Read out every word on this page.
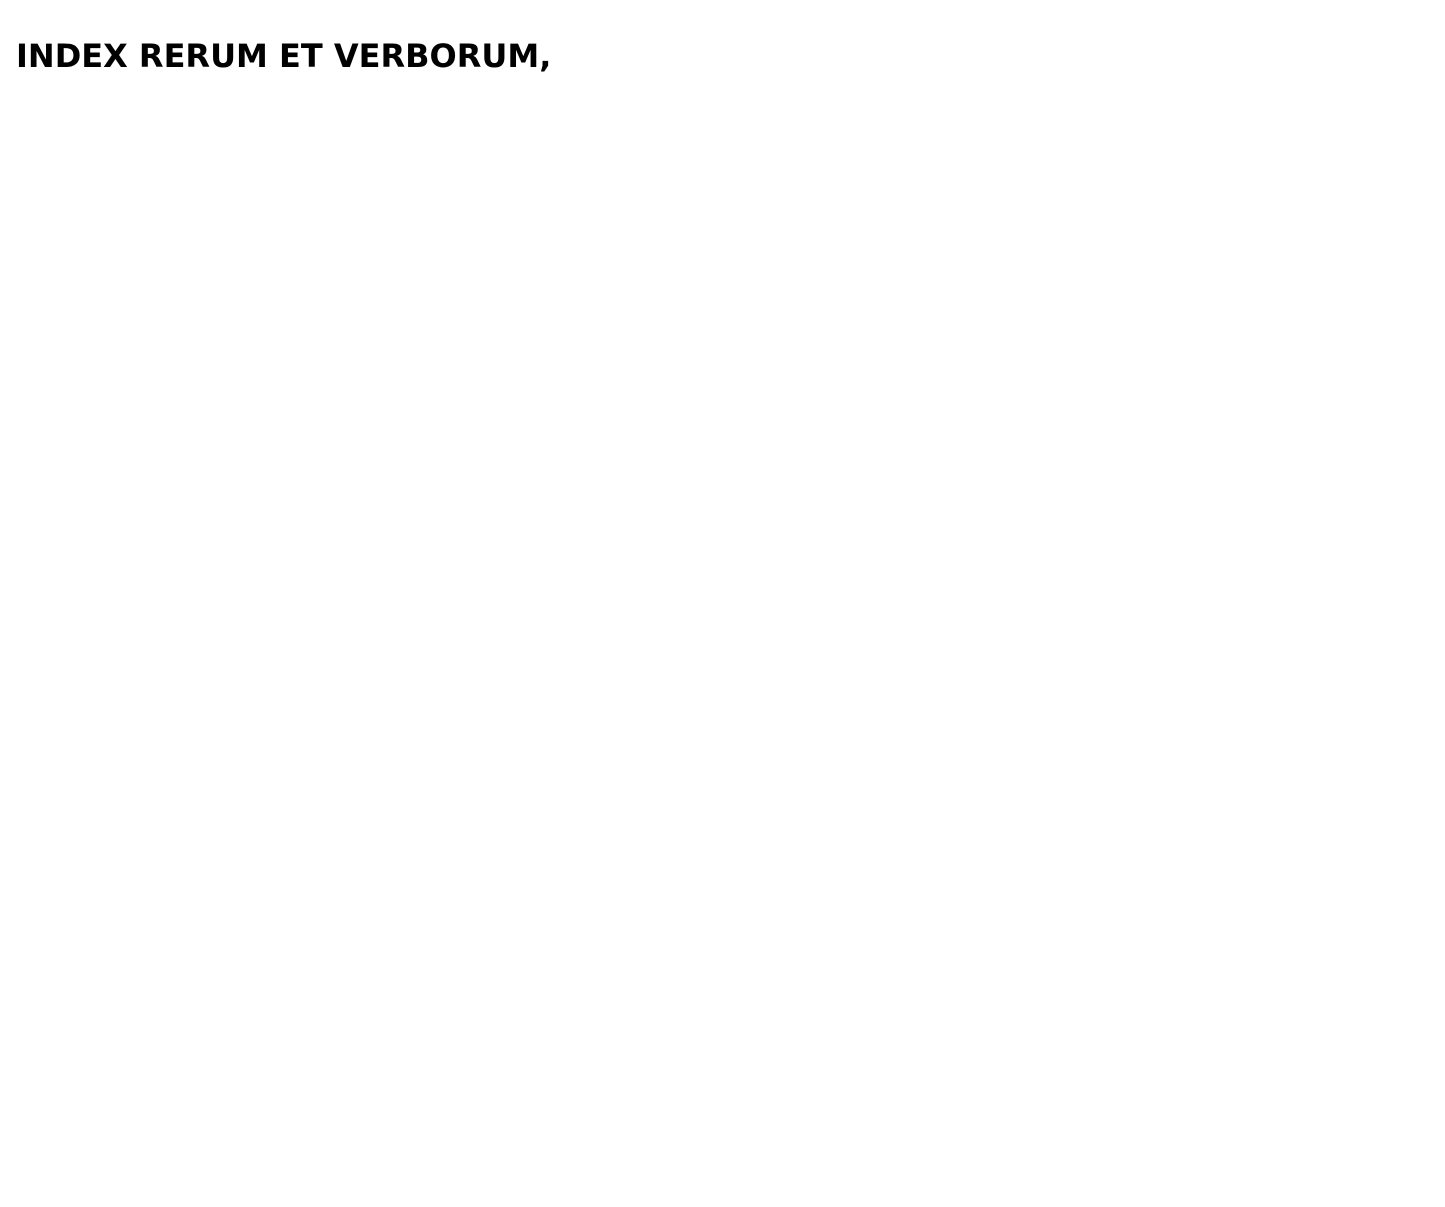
INDEX RERUM ET VERBORUM,
